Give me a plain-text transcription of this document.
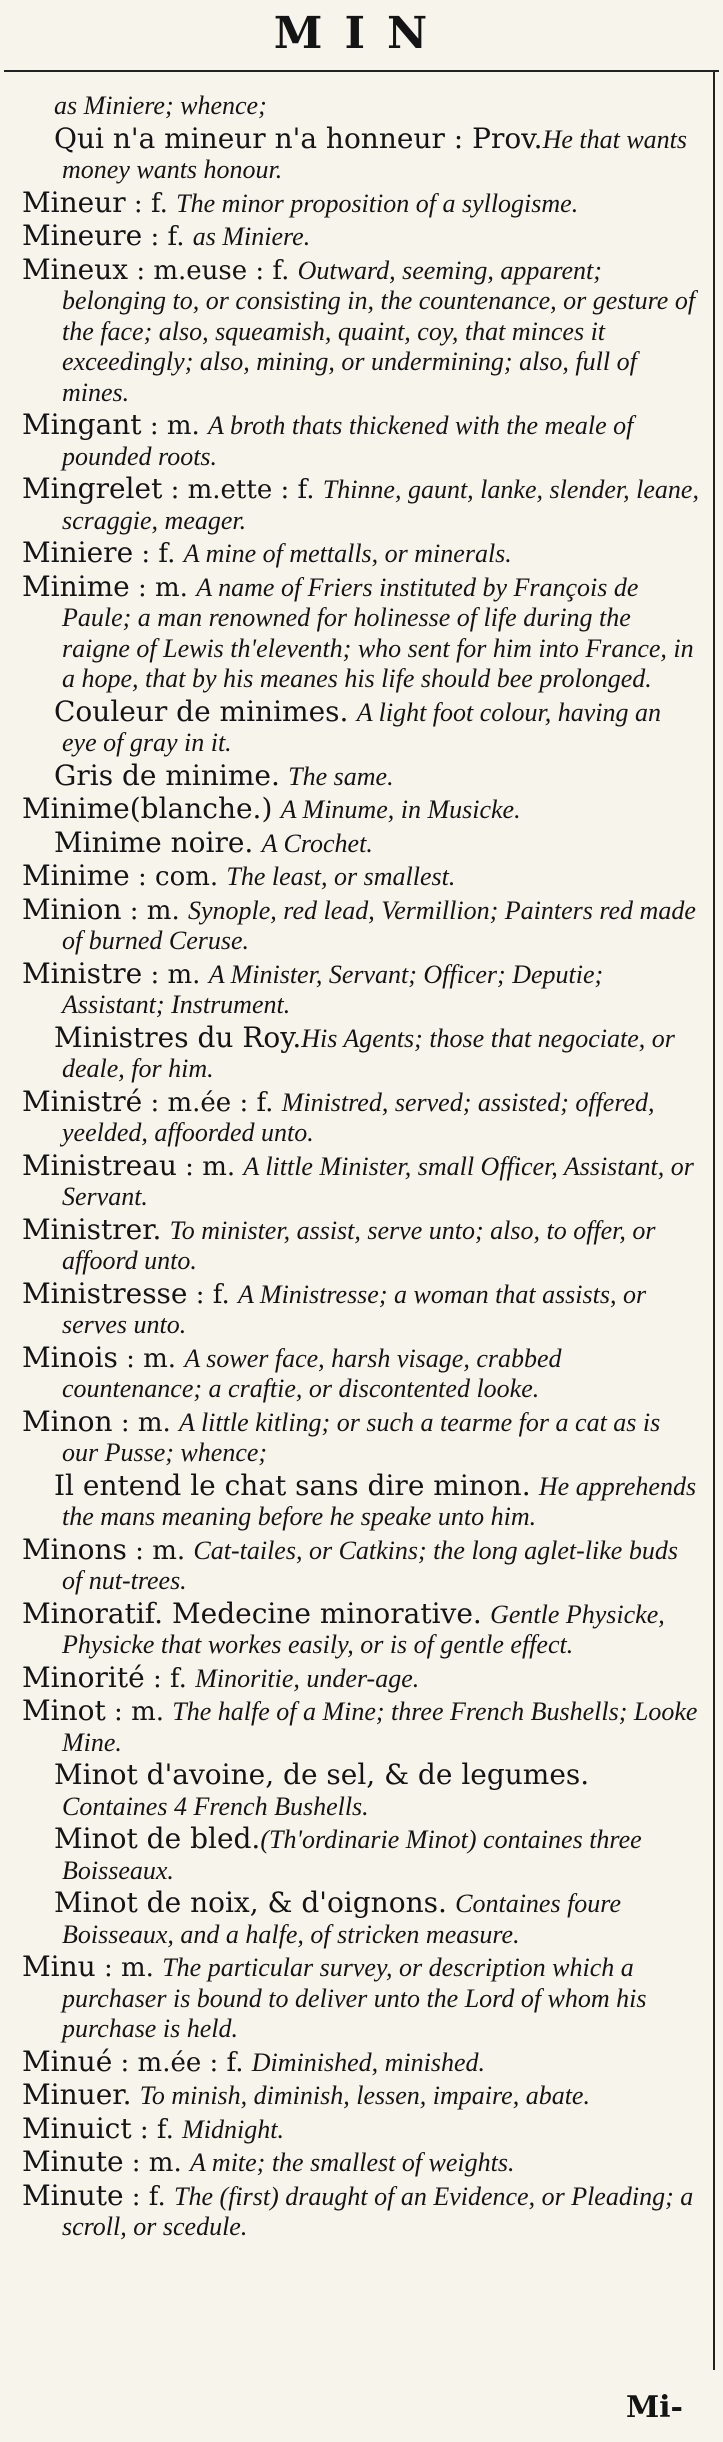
MIN

as Miniere; whence;

Qui n'a mineur n'a honneur : Prov.He that wants money wants honour.

Mineur : f. The minor proposition of a syllogisme.

Mineure : f. as Miniere.

Mineux : m.euse : f. Outward, seeming, apparent; belonging to, or consisting in, the countenance, or gesture of the face; also, squeamish, quaint, coy, that minces it exceedingly; also, mining, or undermining; also, full of mines.

Mingant : m. A broth thats thickened with the meale of pounded roots.

Mingrelet : m.ette : f. Thinne, gaunt, lanke, slender, leane, scraggie, meager.

Miniere : f. A mine of mettalls, or minerals.

Minime : m. A name of Friers instituted by François de Paule; a man renowned for holinesse of life during the raigne of Lewis th'eleventh; who sent for him into France, in a hope, that by his meanes his life should bee prolonged.

Couleur de minimes. A light foot colour, having an eye of gray in it.

Gris de minime. The same.

Minime(blanche.) A Minume, in Musicke.

Minime noire. A Crochet.

Minime : com. The least, or smallest.

Minion : m. Synople, red lead, Vermillion; Painters red made of burned Ceruse.

Ministre : m. A Minister, Servant; Officer; Deputie; Assistant; Instrument.

Ministres du Roy.His Agents; those that negociate, or deale, for him.

Ministré : m.ée : f. Ministred, served; assisted; offered, yeelded, affoorded unto.

Ministreau : m. A little Minister, small Officer, Assistant, or Servant.

Ministrer. To minister, assist, serve unto; also, to offer, or affoord unto.

Ministresse : f. A Ministresse; a woman that assists, or serves unto.

Minois : m. A sower face, harsh visage, crabbed countenance; a craftie, or discontented looke.

Minon : m. A little kitling; or such a tearme for a cat as is our Pusse; whence;

Il entend le chat sans dire minon. He apprehends the mans meaning before he speake unto him.

Minons : m. Cat-tailes, or Catkins; the long aglet-like buds of nut-trees.

Minoratif. Medecine minorative. Gentle Physicke, Physicke that workes easily, or is of gentle effect.

Minorité : f. Minoritie, under-age.

Minot : m. The halfe of a Mine; three French Bushells; Looke Mine.

Minot d'avoine, de sel, & de legumes. Containes 4 French Bushells.

Minot de bled.(Th'ordinarie Minot) containes three Boisseaux.

Minot de noix, & d'oignons. Containes foure Boisseaux, and a halfe, of stricken measure.

Minu : m. The particular survey, or description which a purchaser is bound to deliver unto the Lord of whom his purchase is held.

Minué : m.ée : f. Diminished, minished.

Minuer. To minish, diminish, lessen, impaire, abate.

Minuict : f. Midnight.

Minute : m. A mite; the smallest of weights.

Minute : f. The (first) draught of an Evidence, or Pleading; a scroll, or scedule.

Mi-
